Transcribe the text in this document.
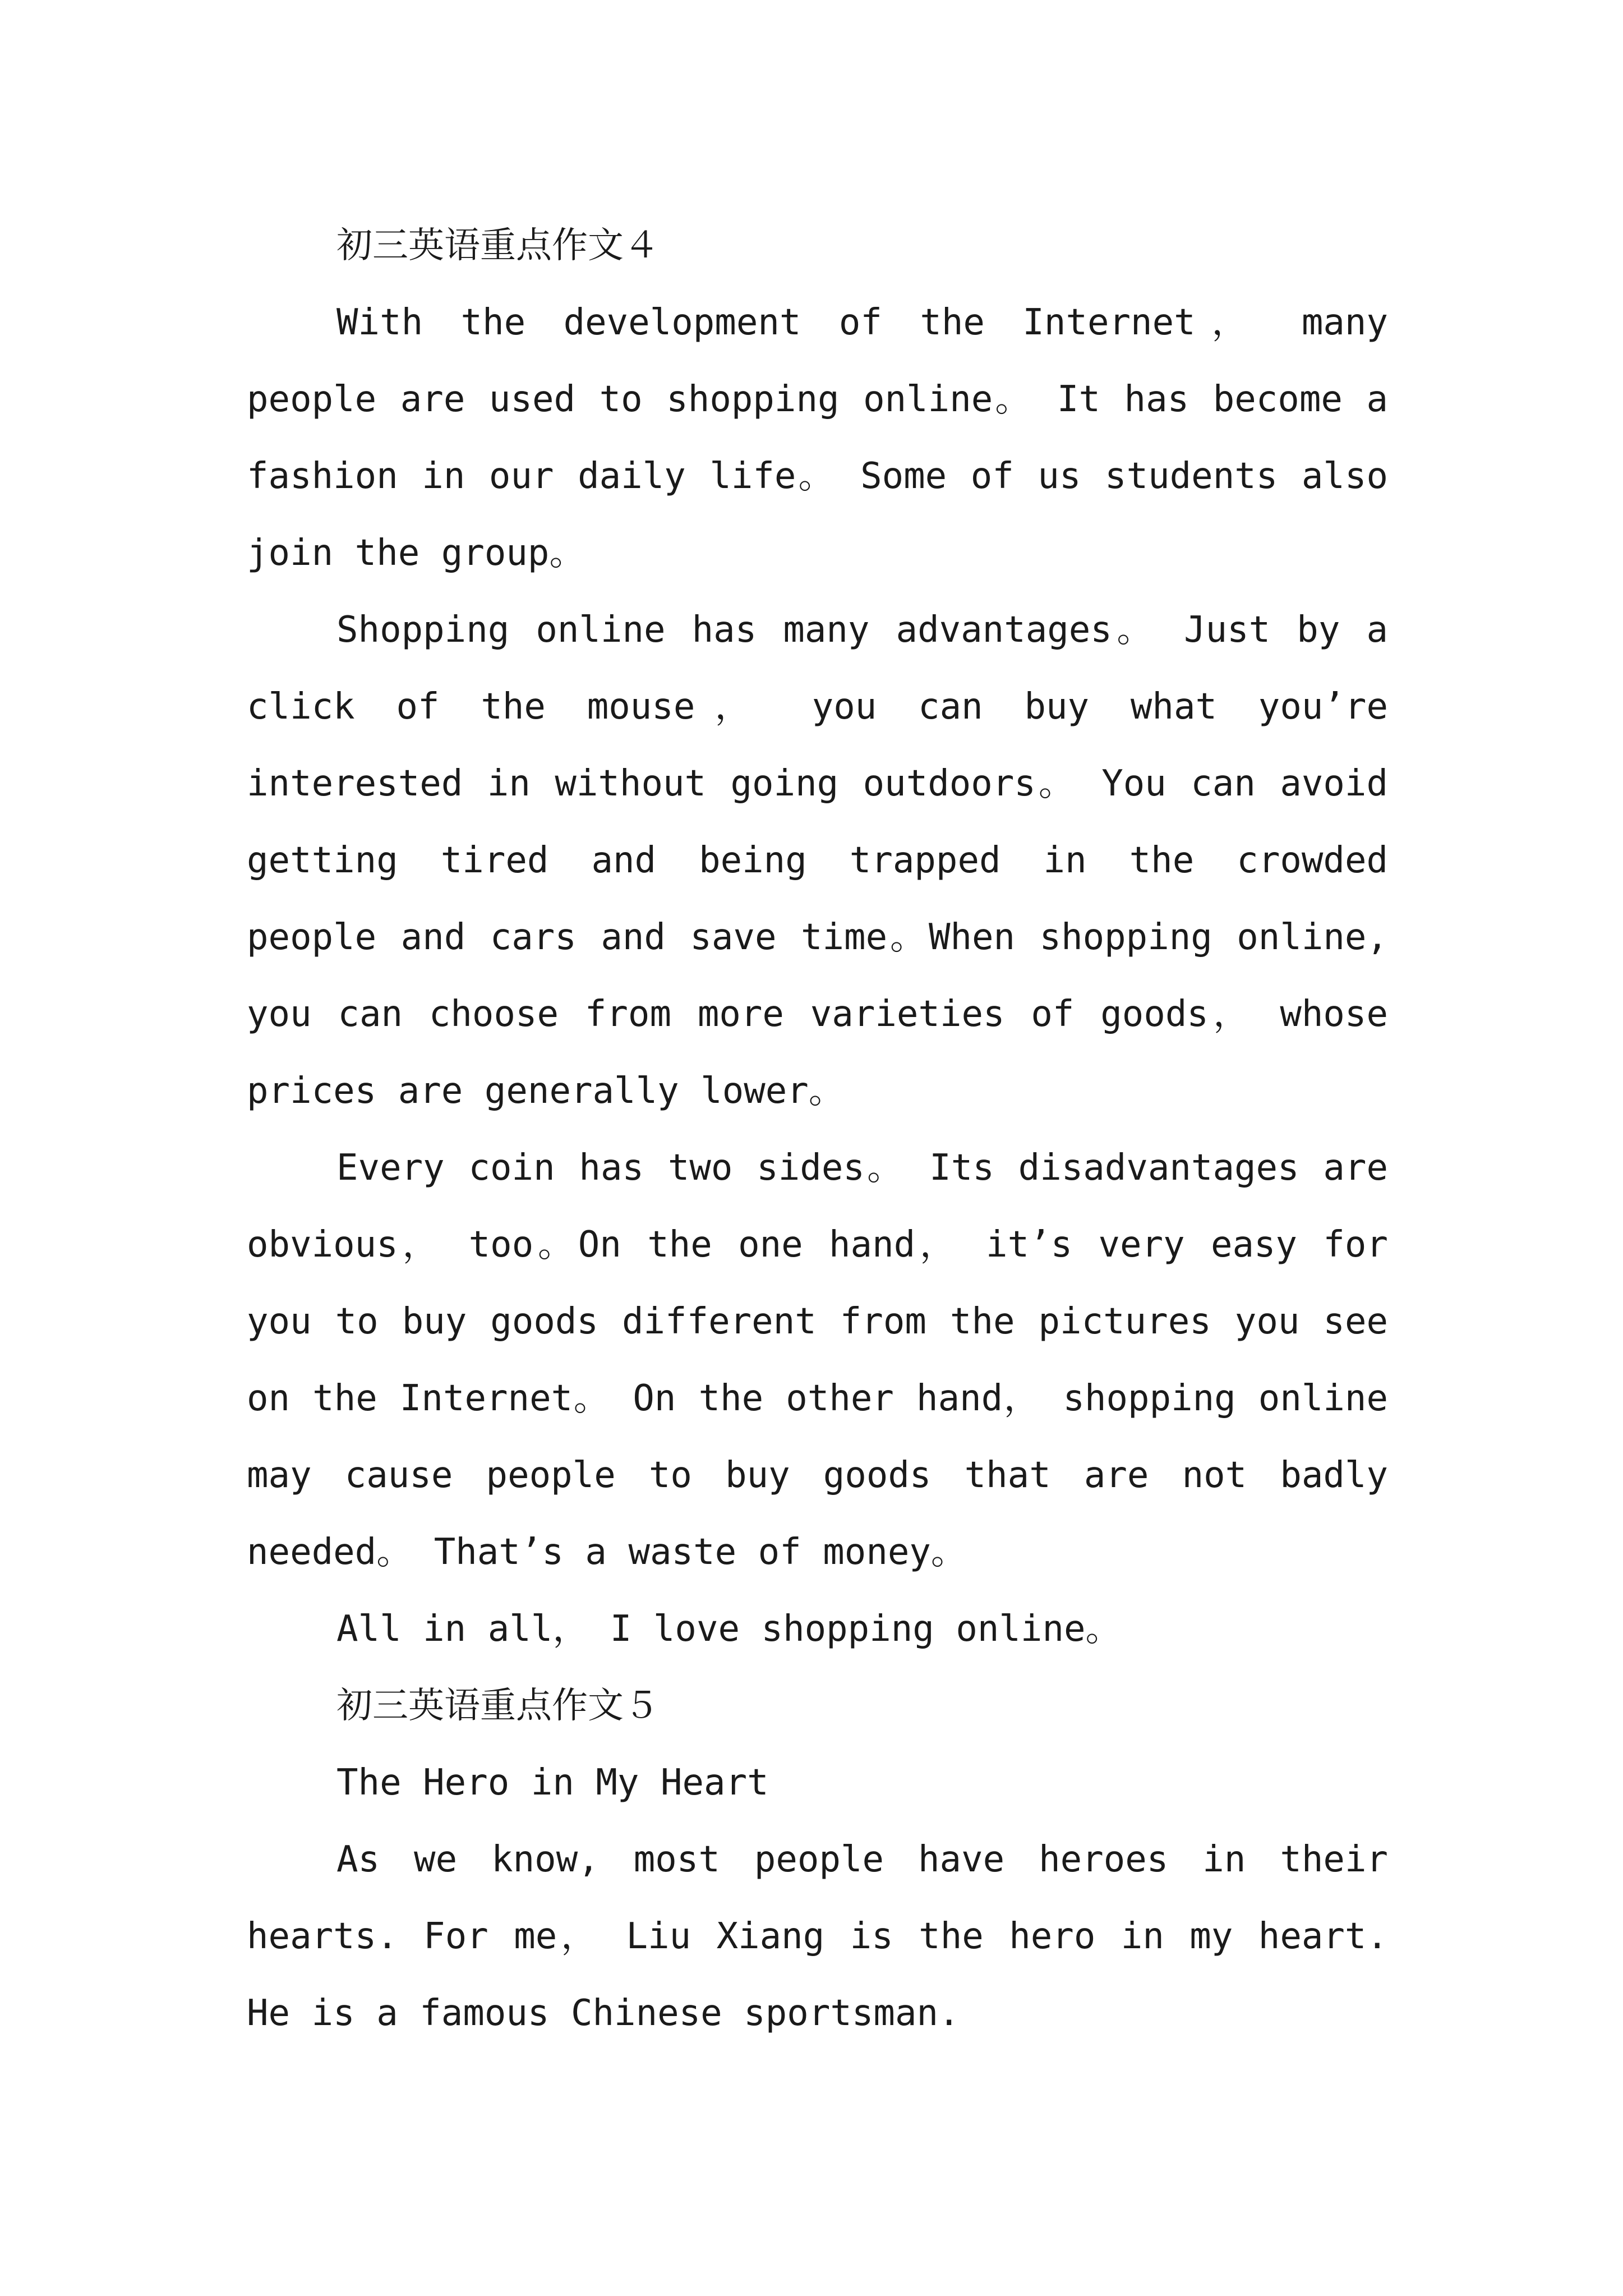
初三英语重点作文４

With the development of the Internet， many people are used to shopping online。 It has become a fashion in our daily life。 Some of us students also join the group。

Shopping online has many advantages。 Just by a click of the mouse， you can buy what you’re interested in without going outdoors。 You can avoid getting tired and being trapped in the crowded people and cars and save time。When shopping online, you can choose from more varieties of goods， whose prices are generally lower。

Every coin has two sides。 Its disadvantages are obvious， too。On the one hand， it’s very easy for you to buy goods different from the pictures you see on the Internet。 On the other hand， shopping online may cause people to buy goods that are not badly needed。 That’s a waste of money。

All in all， I love shopping online。

初三英语重点作文５

The Hero in My Heart

As we know, most people have heroes in their hearts. For me， Liu Xiang is the hero in my heart. He is a famous Chinese sportsman.
